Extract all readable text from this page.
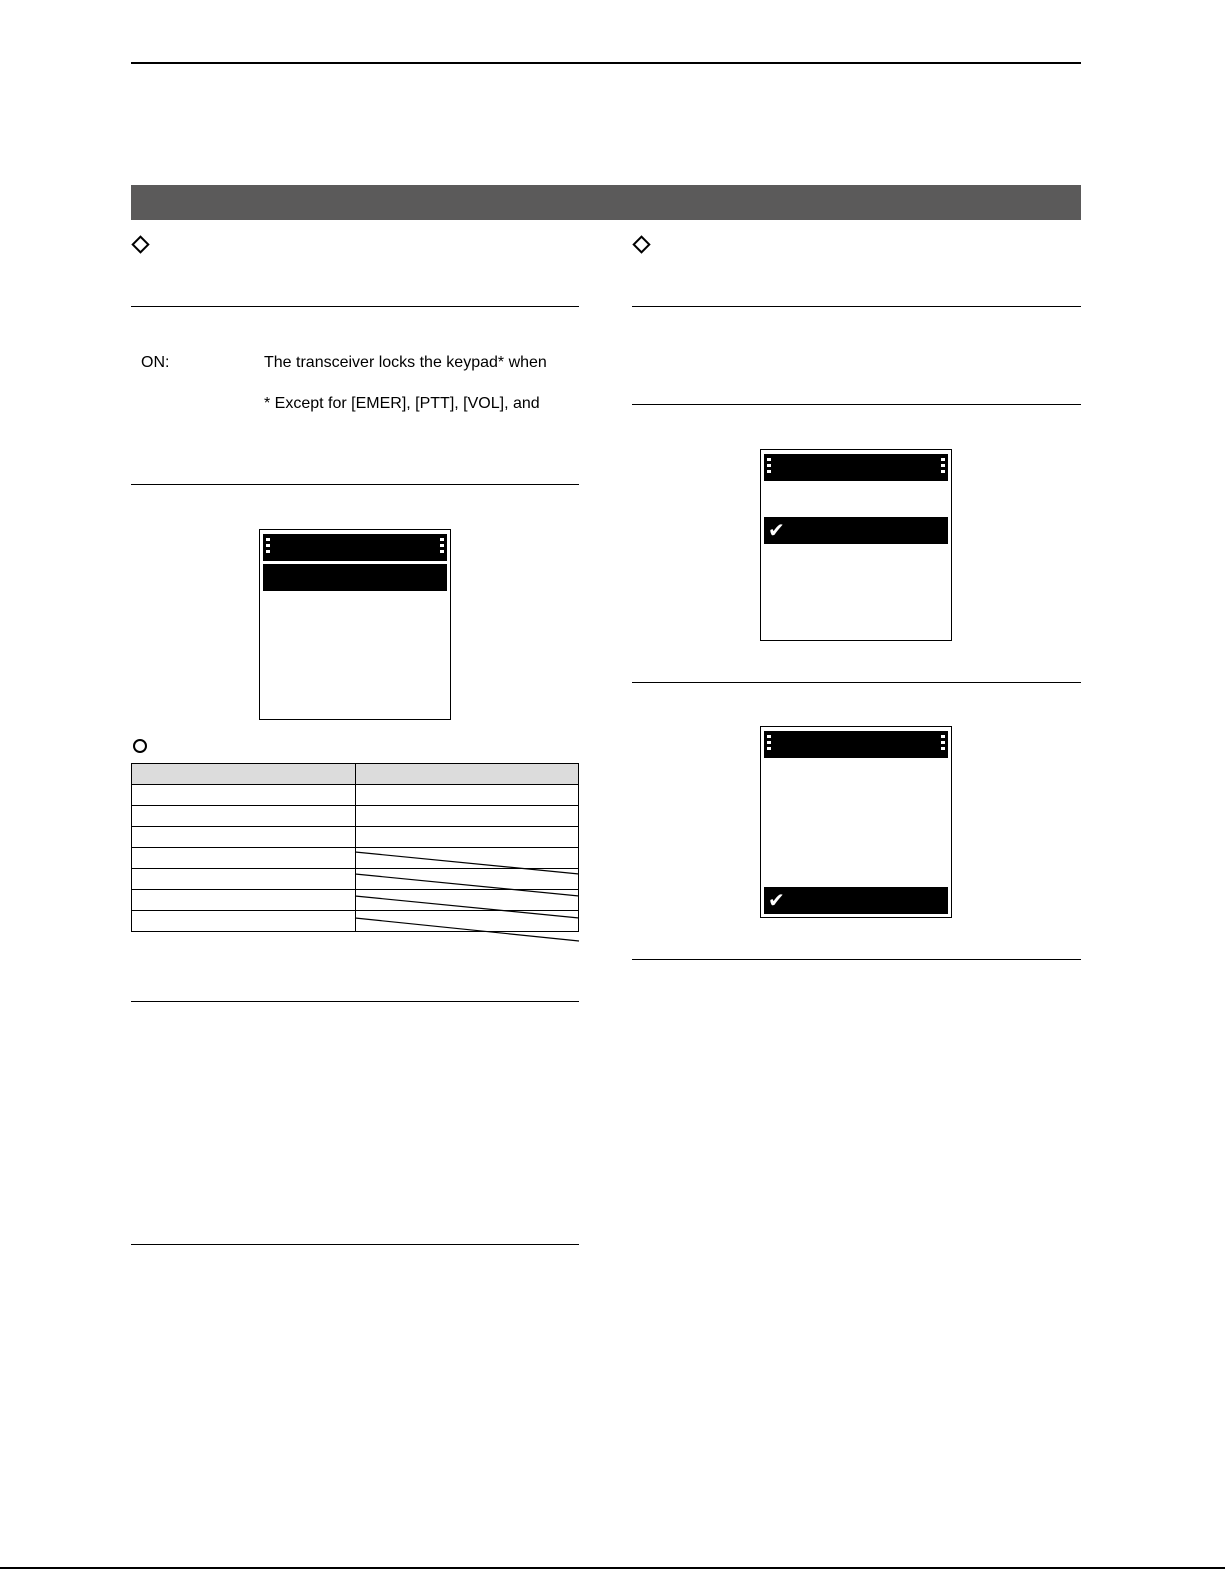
ON:	The transceiver locks the keypad* when
* Except for [EMER], [PTT], [VOL], and

✔
✔
